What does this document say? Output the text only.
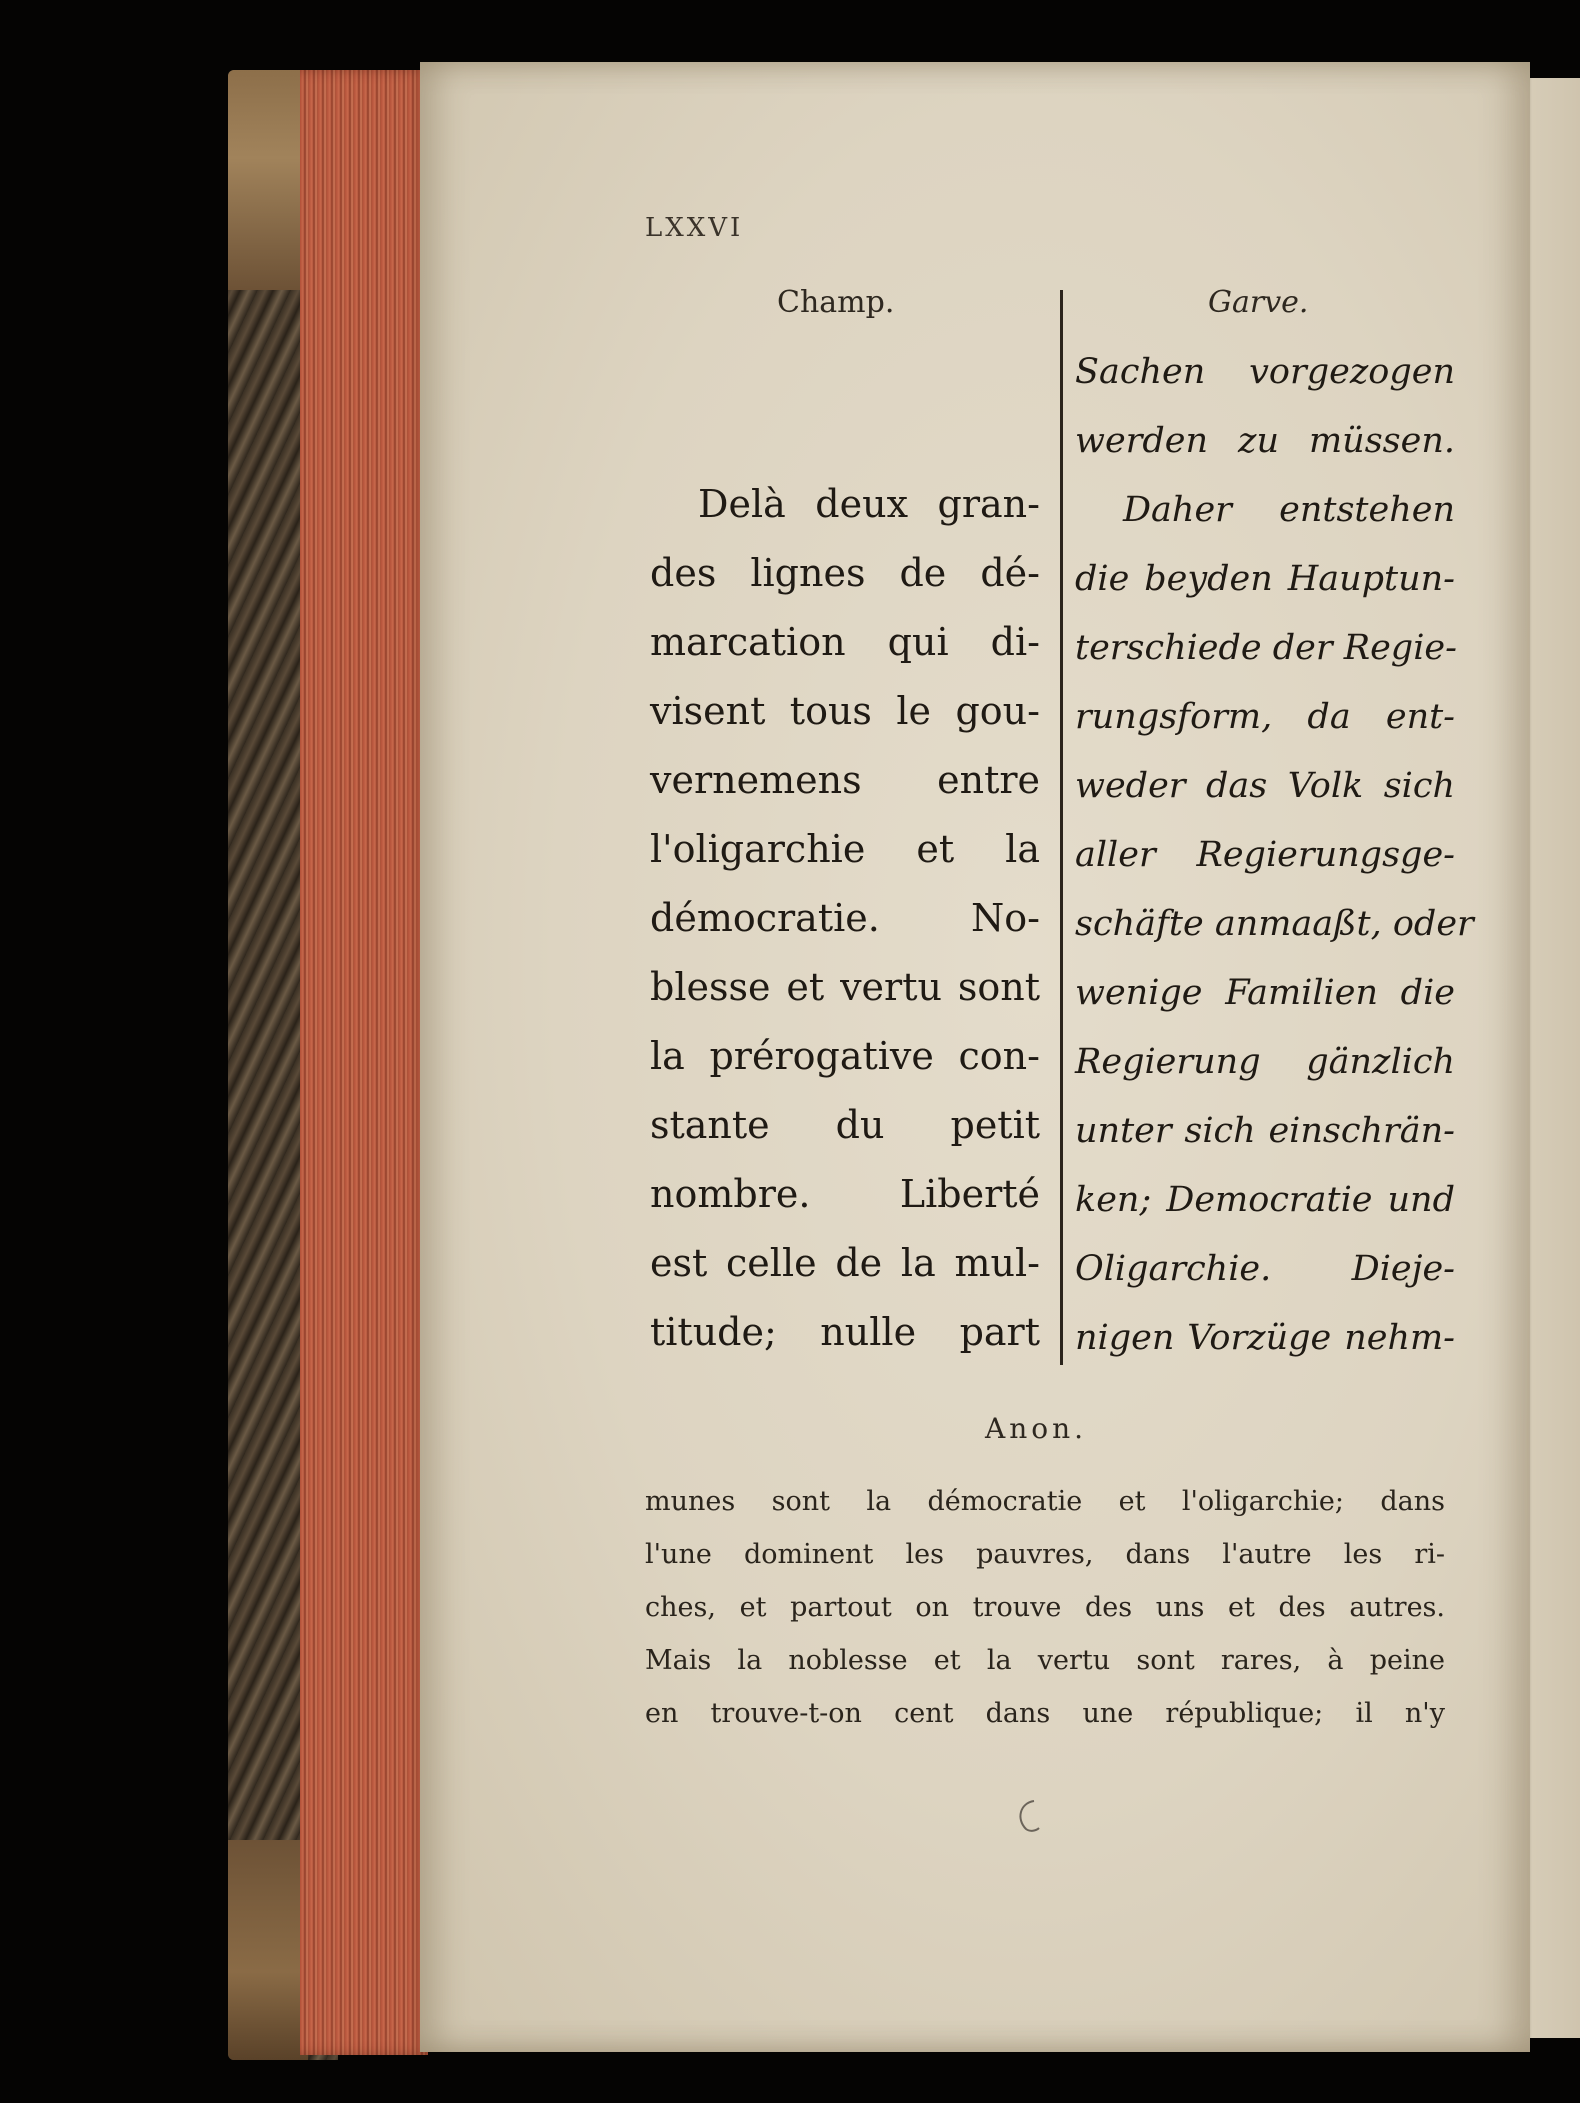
LXXVI
Champ.	Garve.
Delà deux gran-
des lignes de dé-
marcation qui di-
visent tous le gou-
vernemens entre
l'oligarchie et la
démocratie. No-
blesse et vertu sont
la prérogative con-
stante du petit
nombre. Liberté
est celle de la mul-
titude; nulle part
Sachen vorgezogen
werden zu müssen.
Daher entstehen
die beyden Hauptun-
terschiede der Regie-
rungsform, da ent-
weder das Volk sich
aller Regierungsge-
schäfte anmaaßt, oder
wenige Familien die
Regierung gänzlich
unter sich einschrän-
ken; Democratie und
Oligarchie. Dieje-
nigen Vorzüge nehm-
Anon.
munes sont la démocratie et l'oligarchie; dans
l'une dominent les pauvres, dans l'autre les ri-
ches, et partout on trouve des uns et des autres.
Mais la noblesse et la vertu sont rares, à peine
en trouve-t-on cent dans une république; il n'y
